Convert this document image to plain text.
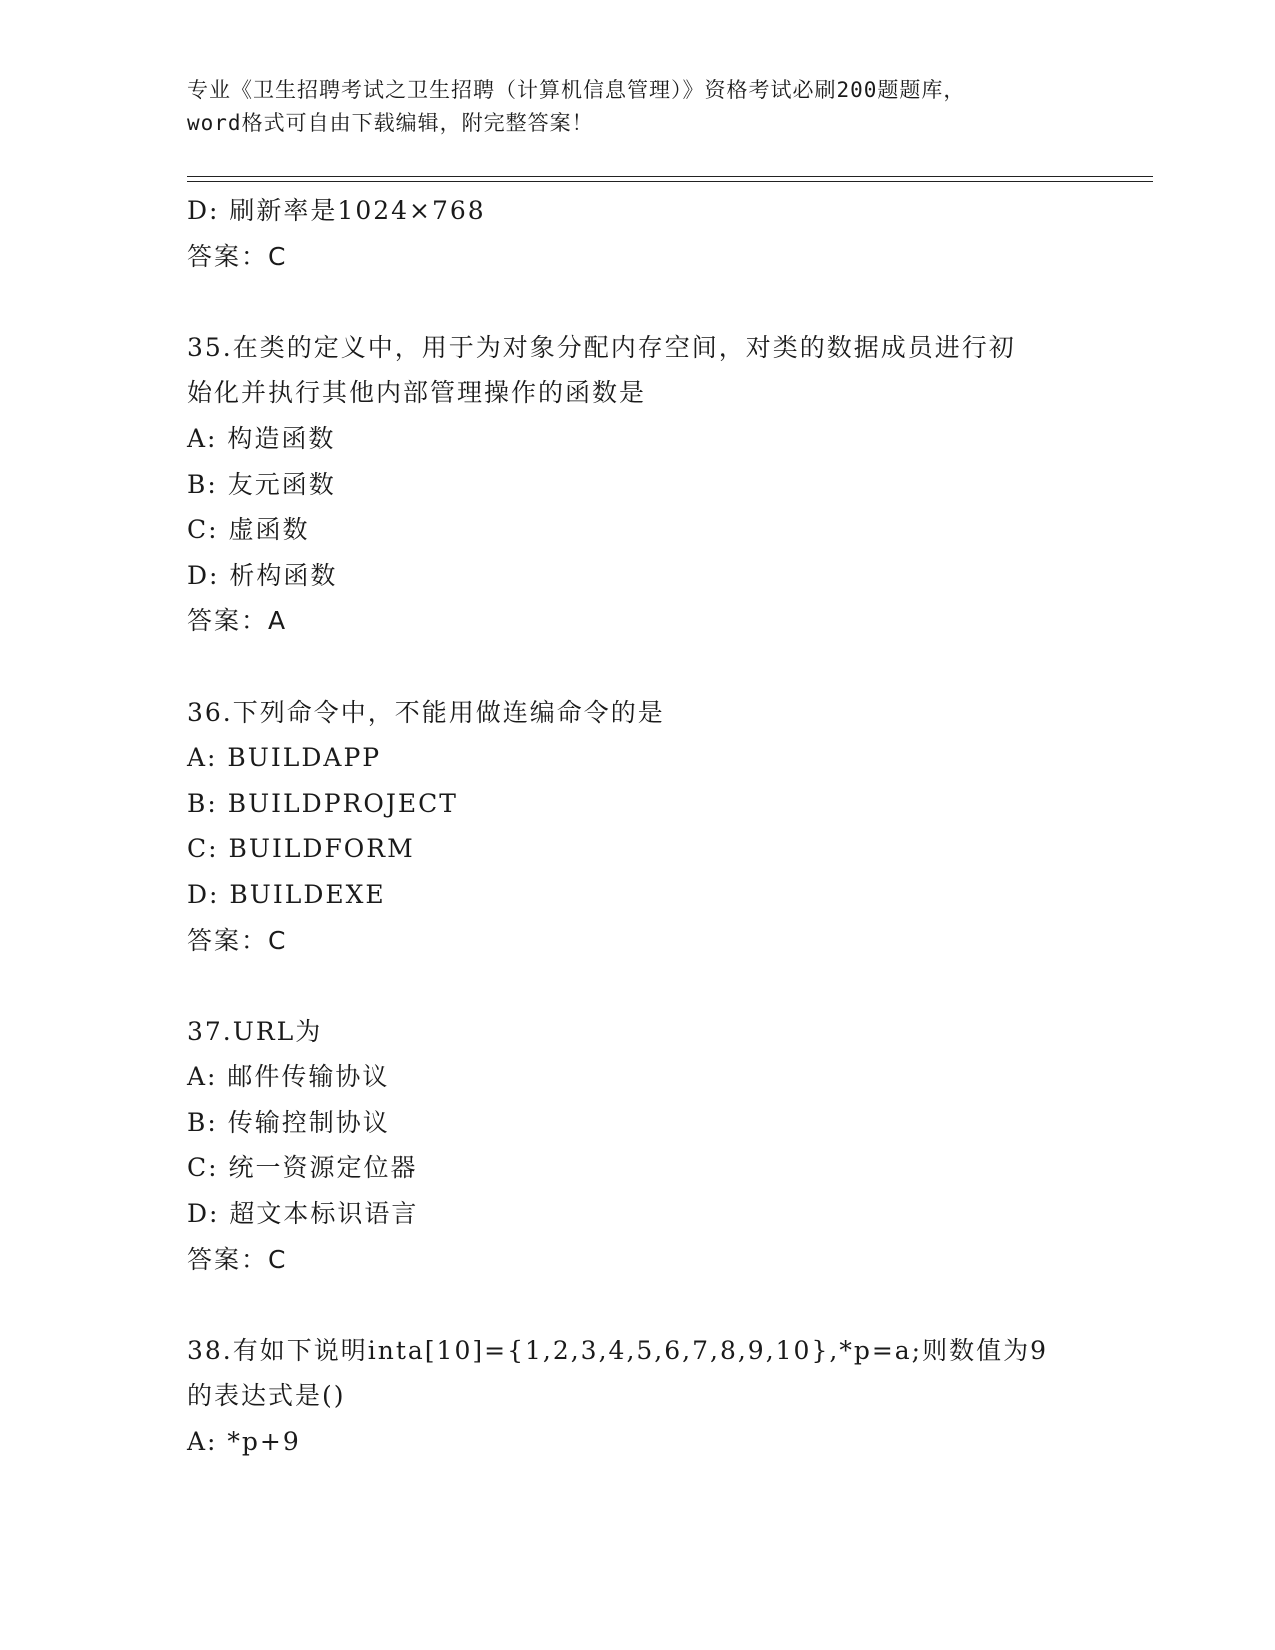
专业《卫生招聘考试之卫生招聘（计算机信息管理）》资格考试必刷200题题库，
word格式可自由下载编辑，附完整答案！
D: 刷新率是1024×768
答案：C
35.在类的定义中，用于为对象分配内存空间，对类的数据成员进行初
始化并执行其他内部管理操作的函数是
A: 构造函数
B: 友元函数
C: 虚函数
D: 析构函数
答案：A
36.下列命令中，不能用做连编命令的是
A: BUILDAPP
B: BUILDPROJECT
C: BUILDFORM
D: BUILDEXE
答案：C
37.URL为
A: 邮件传输协议
B: 传输控制协议
C: 统一资源定位器
D: 超文本标识语言
答案：C
38.有如下说明inta[10]={1,2,3,4,5,6,7,8,9,10},*p=a;则数值为9
的表达式是()
A: *p+9
